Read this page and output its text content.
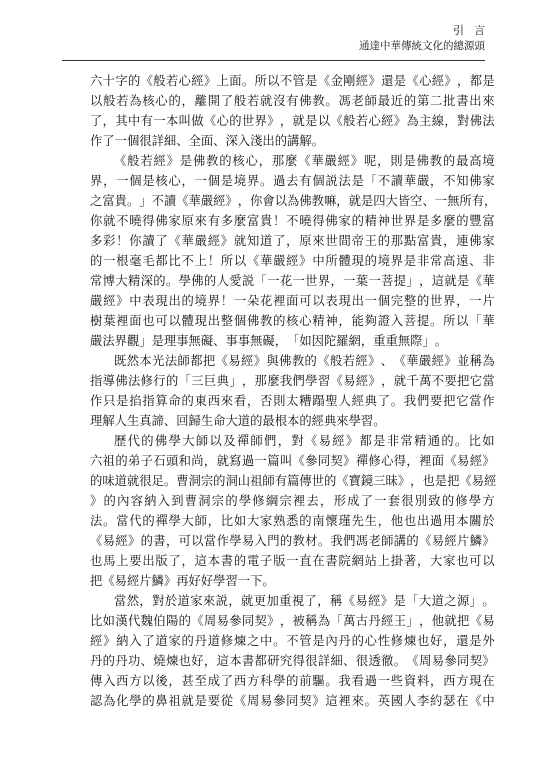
引言
通達中華傳統文化的總源頭
六 十 字 的 《 般 若 心 經 》 上 面 。 所 以 不 管 是 《 金 剛 經 》 還 是 《 心 經 》 ， 都 是
以 般 若 為 核 心 的 ， 離 開 了 般 若 就 沒 有 佛 教 。 馮 老 師 最 近 的 第 二 批 書 出 來
了 ， 其 中 有 一 本 叫 做 《 心 的 世 界 》 ， 就 是 以 《 般 若 心 經 》 為 主 線 ， 對 佛 法
作 了 一 個 很 詳 細 、 全 面 、 深 入 淺 出 的 講 解 。
《 般 若 經 》 是 佛 教 的 核 心 ， 那 麼 《 華 嚴 經 》 呢 ， 則 是 佛 教 的 最 高 境
界 ， 一 個 是 核 心 ， 一 個 是 境 界 。 過 去 有 個 説 法 是 「 不 讀 華 嚴 ， 不 知 佛 家
之 富 貴 。 」 不 讀 《 華 嚴 經 》 ， 你 會 以 為 佛 教 嘛 ， 就 是 四 大 皆 空 、 一 無 所 有 ，
你 就 不 曉 得 佛 家 原 來 有 多 麼 富 貴 ！ 不 曉 得 佛 家 的 精 神 世 界 是 多 麼 的 豐 富
多 彩 ！ 你 讀 了 《 華 嚴 經 》 就 知 道 了 ， 原 來 世 間 帝 王 的 那 點 富 貴 ， 連 佛 家
的 一 根 毫 毛 都 比 不 上 ！ 所 以 《 華 嚴 經 》 中 所 體 現 的 境 界 是 非 常 高 遠 、 非
常 博 大 精 深 的 。 學 佛 的 人 愛 説 「 一 花 一 世 界 ， 一 葉 一 菩 提 」 ， 這 就 是 《 華
嚴 經 》 中 表 現 出 的 境 界 ！ 一 朵 花 裡 面 可 以 表 現 出 一 個 完 整 的 世 界 ， 一 片
樹 葉 裡 面 也 可 以 體 現 出 整 個 佛 教 的 核 心 精 神 ， 能 夠 證 入 菩 提 。 所 以 「 華
嚴 法 界 觀 」 是 理 事 無 礙 、 事 事 無 礙 ， 「 如 因 陀 羅 網 ， 重 重 無 際 」 。
既 然 本 光 法 師 都 把 《 易 經 》 與 佛 教 的 《 般 若 經 》 、 《 華 嚴 經 》 並 稱 為
指 導 佛 法 修 行 的 「 三 巨 典 」 ， 那 麼 我 們 學 習 《 易 經 》 ， 就 千 萬 不 要 把 它 當
作 只 是 掐 指 算 命 的 東 西 來 看 ， 否 則 太 糟 蹋 聖 人 經 典 了 。 我 們 要 把 它 當 作
理 解 人 生 真 諦 、 回 歸 生 命 大 道 的 最 根 本 的 經 典 來 學 習 。
歷 代 的 佛 學 大 師 以 及 禪 師 們 ， 對 《 易 經 》 都 是 非 常 精 通 的 。 比 如
六 祖 的 弟 子 石 頭 和 尚 ， 就 寫 過 一 篇 叫 《 參 同 契 》 禪 修 心 得 ， 裡 面 《 易 經 》
的 味 道 就 很 足 。 曹 洞 宗 的 洞 山 祖 師 有 篇 傳 世 的 《 寶 鏡 三 昧 》 ， 也 是 把 《 易 經
》 的 內 容 納 入 到 曹 洞 宗 的 學 修 綱 宗 裡 去 ， 形 成 了 一 套 很 別 致 的 修 學 方
法 。 當 代 的 禪 學 大 師 ， 比 如 大 家 熟 悉 的 南 懷 瑾 先 生 ， 他 也 出 過 用 本 關 於
《 易 經 》 的 書 ， 可 以 當 作 學 易 入 門 的 教 材 。 我 們 馮 老 師 講 的 《 易 經 片 鱗 》
也 馬 上 要 出 版 了 ， 這 本 書 的 電 子 版 一 直 在 書 院 網 站 上 掛 著 ， 大 家 也 可 以
把 《 易 經 片 鱗 》 再 好 好 學 習 一 下 。
當 然 ， 對 於 道 家 來 説 ， 就 更 加 重 視 了 ， 稱 《 易 經 》 是 「 大 道 之 源 」 。
比 如 漢 代 魏 伯 陽 的 《 周 易 參 同 契 》 ， 被 稱 為 「 萬 古 丹 經 王 」 ， 他 就 把 《 易
經 》 納 入 了 道 家 的 丹 道 修 煉 之 中 。 不 管 是 內 丹 的 心 性 修 煉 也 好 ， 還 是 外
丹 的 丹 功 、 燒 煉 也 好 ， 這 本 書 都 研 究 得 很 詳 細 、 很 透 徹 。 《 周 易 參 同 契 》
傳 入 西 方 以 後 ， 甚 至 成 了 西 方 科 學 的 前 驅 。 我 看 過 一 些 資 料 ， 西 方 現 在
認 為 化 學 的 鼻 祖 就 是 要 從 《 周 易 參 同 契 》 這 裡 來 。 英 國 人 李 約 瑟 在 《 中
